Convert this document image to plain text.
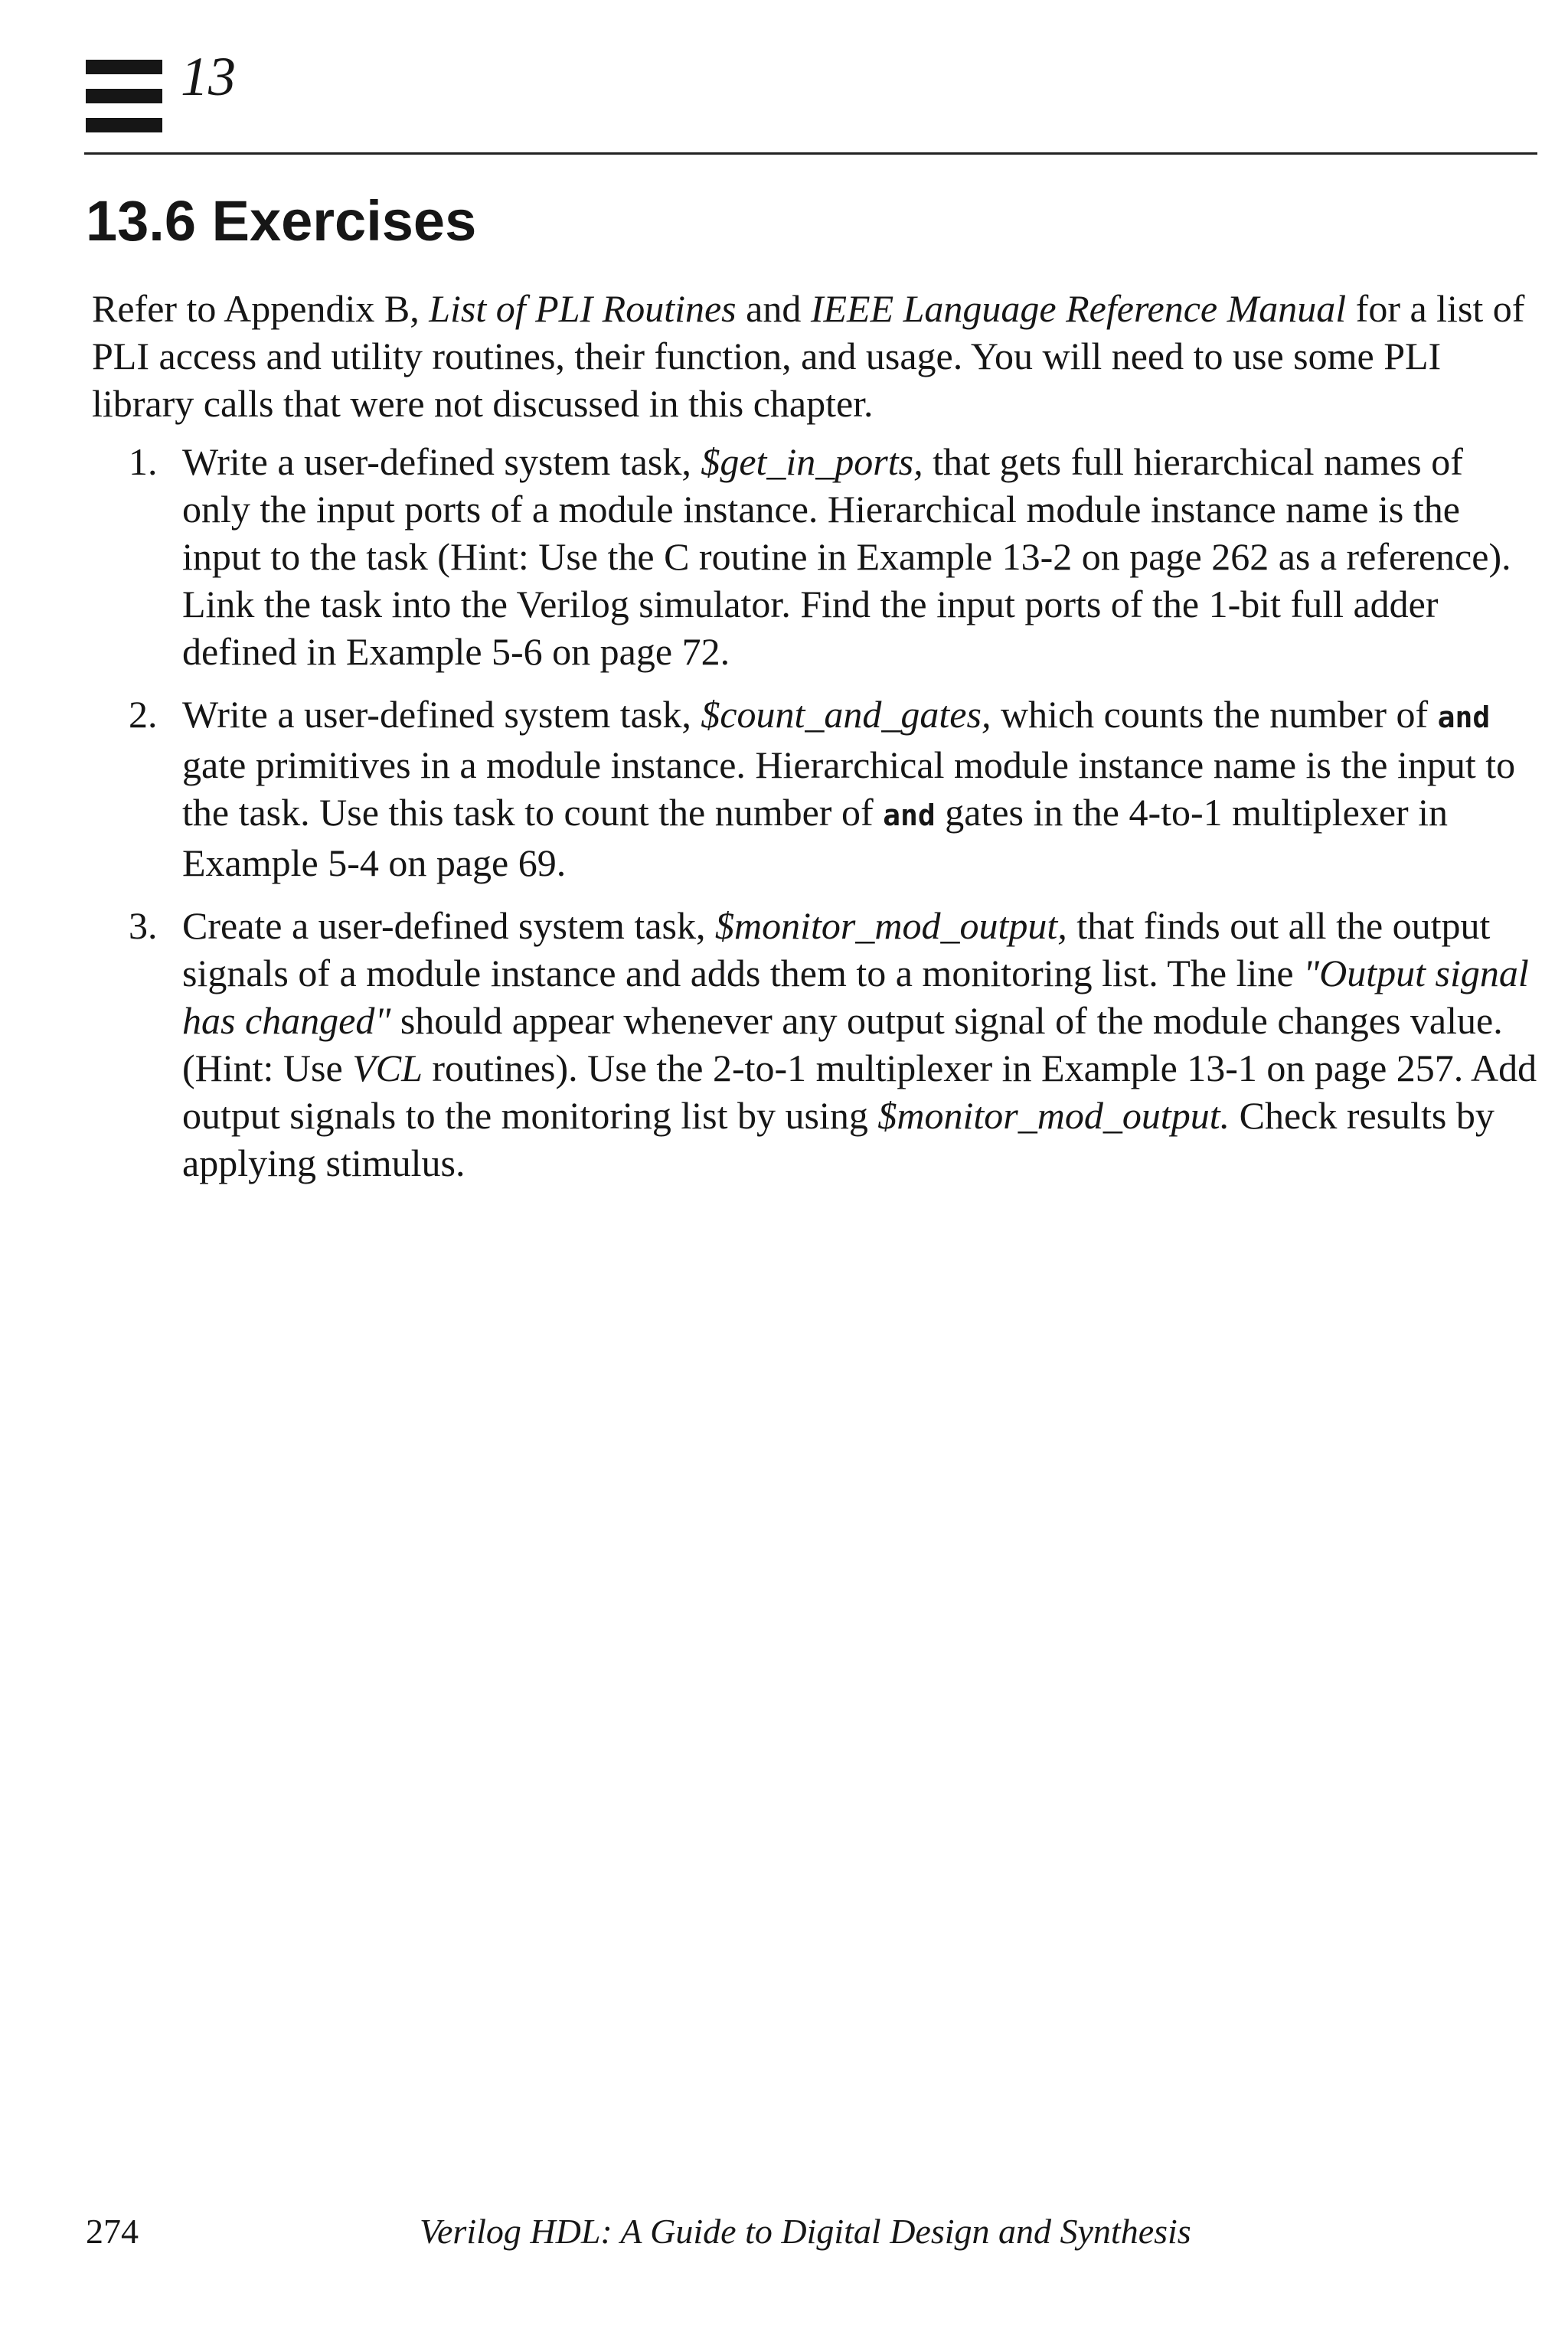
13
13.6 Exercises

Refer to Appendix B, List of PLI Routines and IEEE Language Reference Manual for a list of PLI access and utility routines, their function, and usage. You will need to use some PLI library calls that were not discussed in this chapter.

1. Write a user-defined system task, $get_in_ports, that gets full hierarchical names of only the input ports of a module instance. Hierarchical module instance name is the input to the task (Hint: Use the C routine in Example 13-2 on page 262 as a reference). Link the task into the Verilog simulator. Find the input ports of the 1-bit full adder defined in Example 5-6 on page 72.
2. Write a user-defined system task, $count_and_gates, which counts the number of and gate primitives in a module instance. Hierarchical module instance name is the input to the task. Use this task to count the number of and gates in the 4-to-1 multiplexer in Example 5-4 on page 69.
3. Create a user-defined system task, $monitor_mod_output, that finds out all the output signals of a module instance and adds them to a monitoring list. The line "Output signal has changed" should appear whenever any output signal of the module changes value. (Hint: Use VCL routines). Use the 2-to-1 multiplexer in Example 13-1 on page 257. Add output signals to the monitoring list by using $monitor_mod_output. Check results by applying stimulus.
274	Verilog HDL: A Guide to Digital Design and Synthesis
